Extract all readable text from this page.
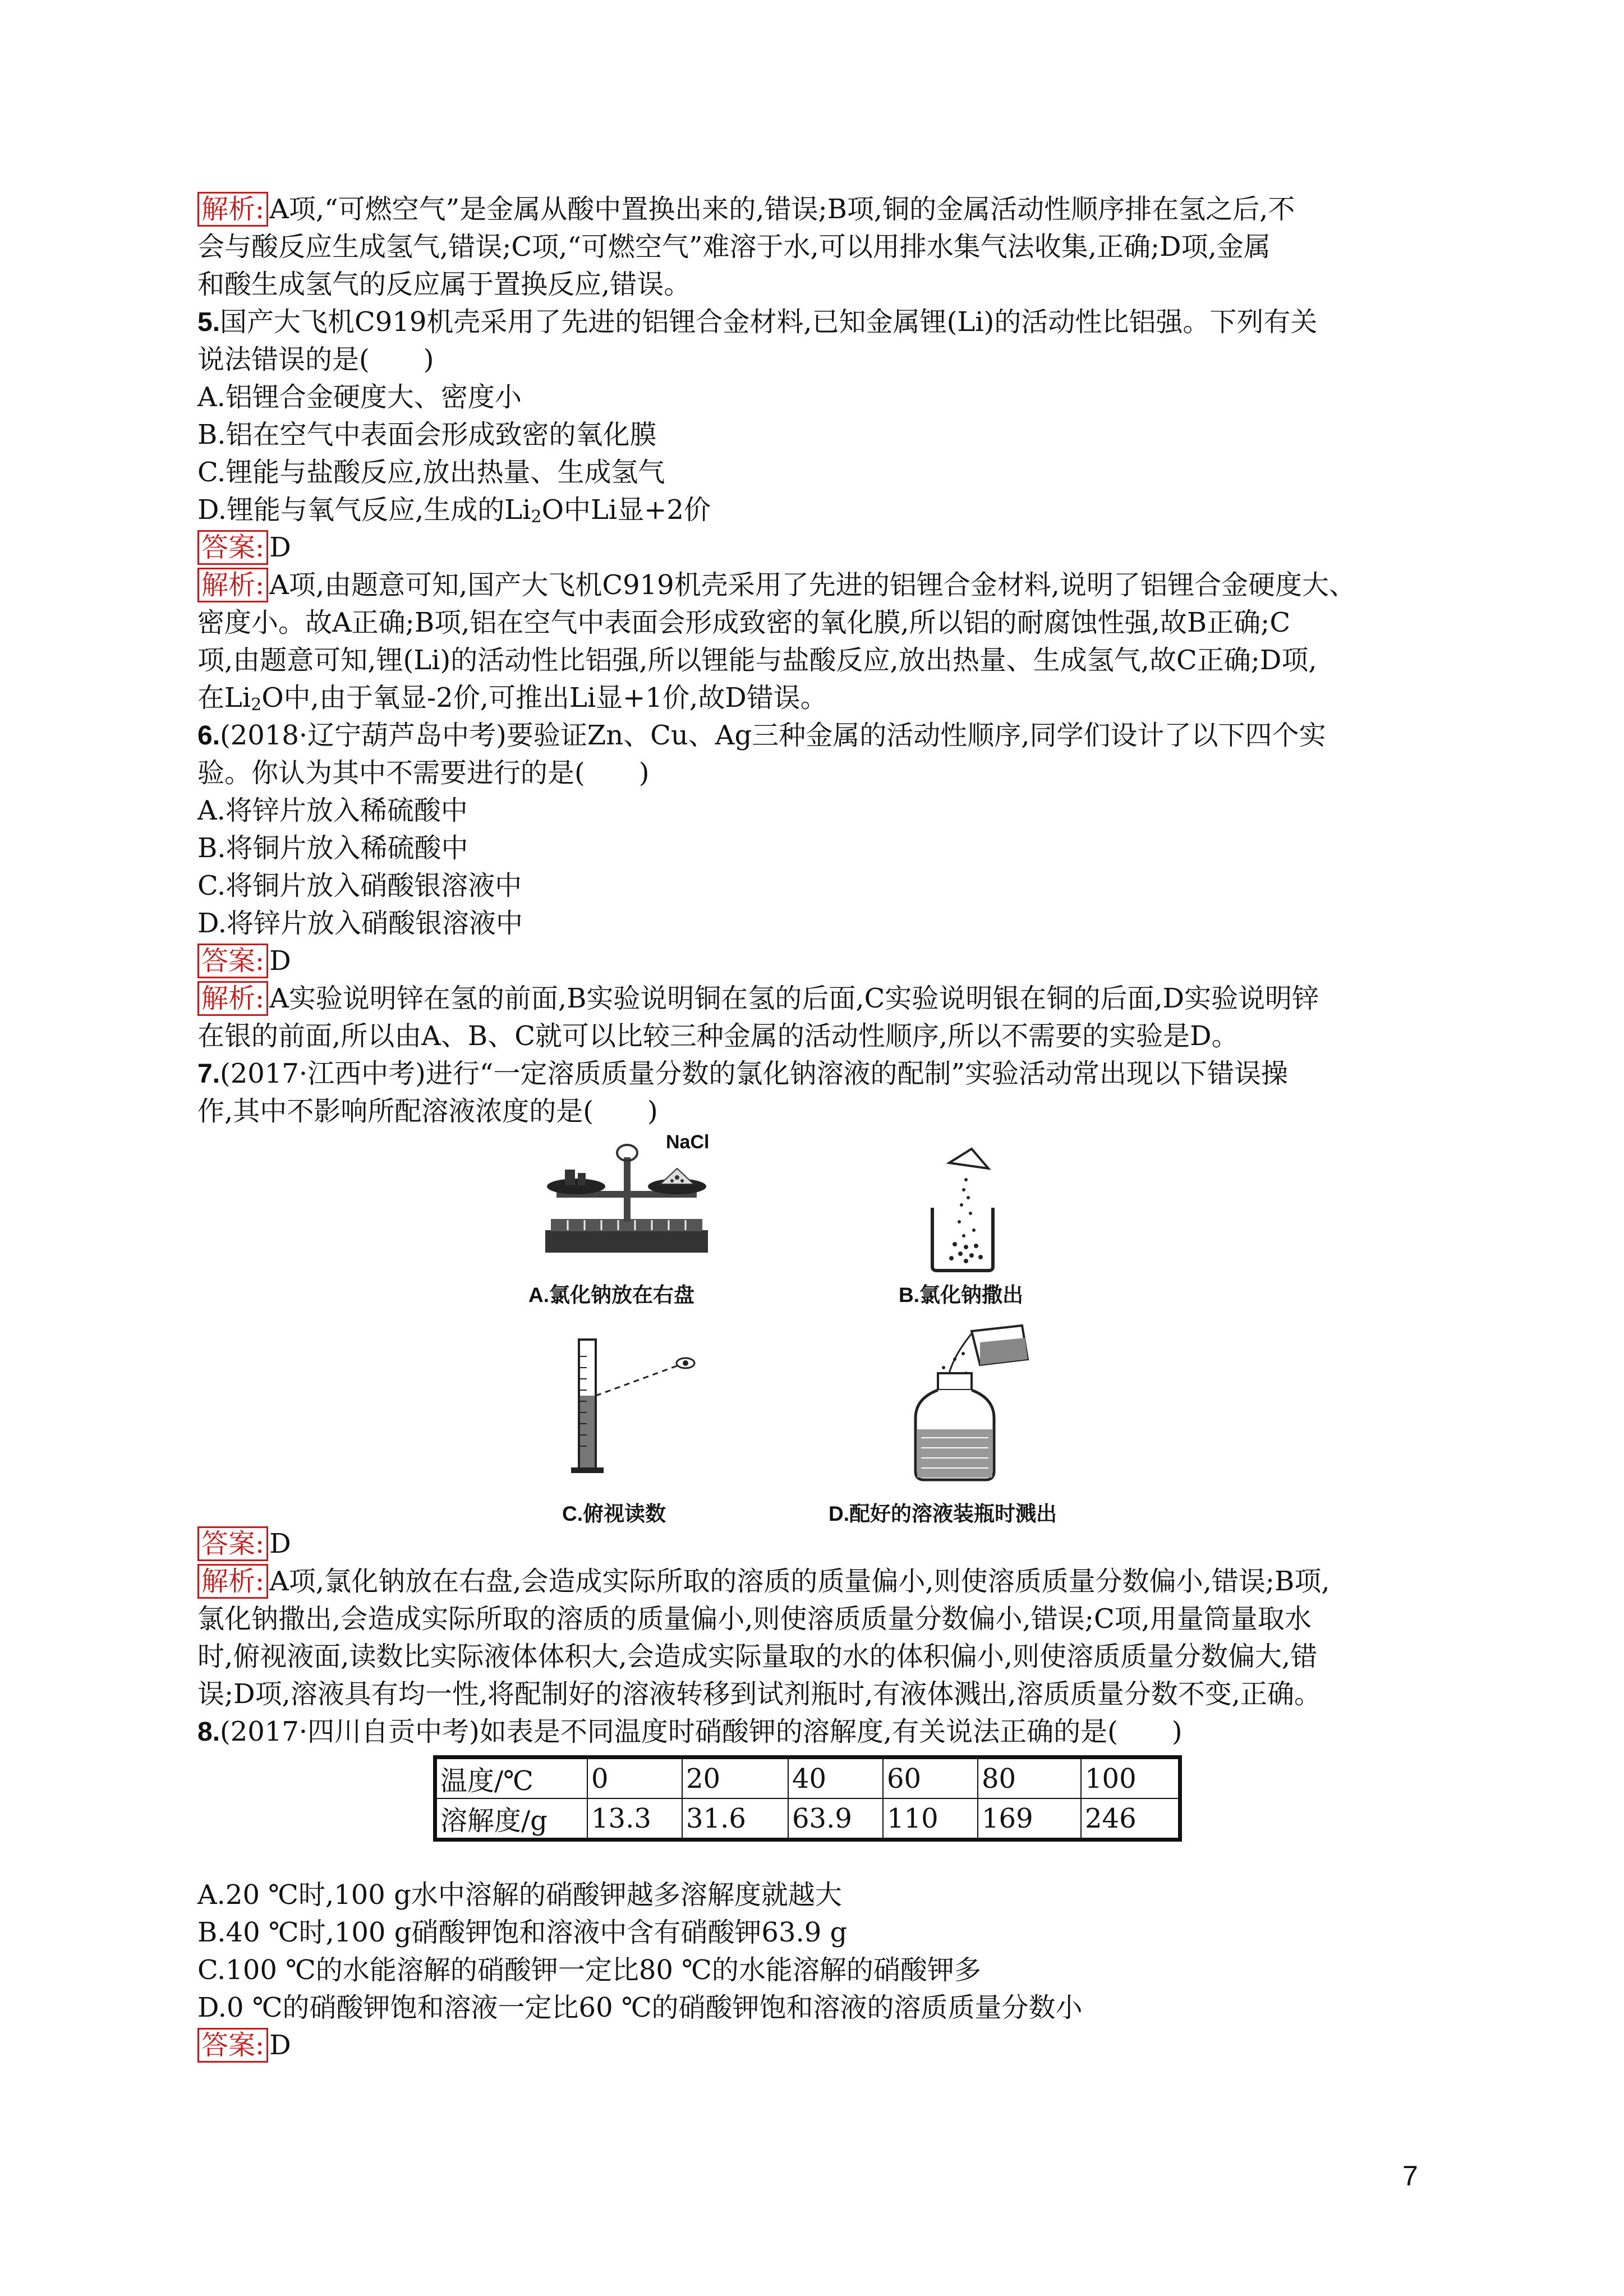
解析: A项,“可燃空气”是金属从酸中置换出来的,错误;B项,铜的金属活动性顺序排在氢之后,不
会与酸反应生成氢气,错误;C项,“可燃空气”难溶于水,可以用排水集气法收集,正确;D项,金属
和酸生成氢气的反应属于置换反应,错误。
5.国产大飞机C919机壳采用了先进的铝锂合金材料,已知金属锂(Li)的活动性比铝强。下列有关
说法错误的是(　　)
A.铝锂合金硬度大、密度小
B.铝在空气中表面会形成致密的氧化膜
C.锂能与盐酸反应,放出热量、生成氢气
D.锂能与氧气反应,生成的$Li_2O$中Li显+2价
答案: D
解析: A项,由题意可知,国产大飞机C919机壳采用了先进的铝锂合金材料,说明了铝锂合金硬度大、
密度小。故A正确;B项,铝在空气中表面会形成致密的氧化膜,所以铝的耐腐蚀性强,故B正确;C
项,由题意可知,锂(Li)的活动性比铝强,所以锂能与盐酸反应,放出热量、生成氢气,故C正确;D项,
在$Li_2O$中,由于氧显-2价,可推出Li显+1价,故D错误。
6.(2018·辽宁葫芦岛中考)要验证Zn、Cu、Ag三种金属的活动性顺序,同学们设计了以下四个实
验。你认为其中不需要进行的是(　　)
A.将锌片放入稀硫酸中
B.将铜片放入稀硫酸中
C.将铜片放入硝酸银溶液中
D.将锌片放入硝酸银溶液中
答案: D
解析: A实验说明锌在氢的前面,B实验说明铜在氢的后面,C实验说明银在铜的后面,D实验说明锌
在银的前面,所以由A、B、C就可以比较三种金属的活动性顺序,所以不需要的实验是D。
7.(2017·江西中考)进行“一定溶质质量分数的氯化钠溶液的配制”实验活动常出现以下错误操
作,其中不影响所配溶液浓度的是(　　)
NaCl
A.氯化钠放在右盘	B.氯化钠撒出
C.俯视读数	D.配好的溶液装瓶时溅出
答案: D
解析: A项,氯化钠放在右盘,会造成实际所取的溶质的质量偏小,则使溶质质量分数偏小,错误;B项,
氯化钠撒出,会造成实际所取的溶质的质量偏小,则使溶质质量分数偏小,错误;C项,用量筒量取水
时,俯视液面,读数比实际液体体积大,会造成实际量取的水的体积偏小,则使溶质质量分数偏大,错
误;D项,溶液具有均一性,将配制好的溶液转移到试剂瓶时,有液体溅出,溶质质量分数不变,正确。
8.(2017·四川自贡中考)如表是不同温度时硝酸钾的溶解度,有关说法正确的是(　　)
温度/℃	0	20	40	60	80	100
溶解度/g	13.3	31.6	63.9	110	169	246
A.20 ℃时,100 g水中溶解的硝酸钾越多溶解度就越大
B.40 ℃时,100 g硝酸钾饱和溶液中含有硝酸钾63.9 g
C.100 ℃的水能溶解的硝酸钾一定比80 ℃的水能溶解的硝酸钾多
D.0 ℃的硝酸钾饱和溶液一定比60 ℃的硝酸钾饱和溶液的溶质质量分数小
答案: D
7
